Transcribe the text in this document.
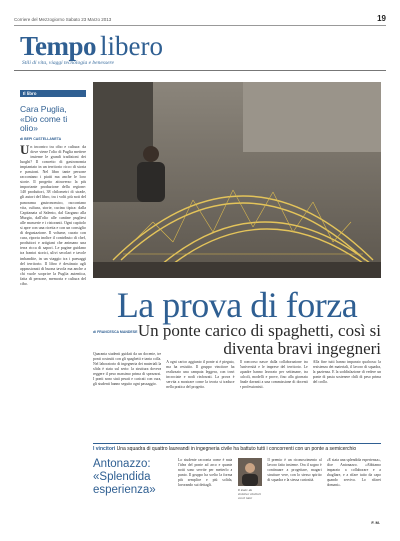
Corriere del Mezzogiorno Sabato 23 Marzo 2013	19
Tempo libero
Stili di vita, viaggi tecnologia e benessere
Il libro
Cara Puglia, «Dio come ti olio»
di BEPI CASTELLANETA
Un incontro tra cibo e cultura: da dove viene l'olio di Puglia mettere insieme le grandi tradizioni dei luoghi? Il concetto di gastronomia impiantato in un territorio ricco di storia e passioni. Nel libro tante persone raccontano i piatti ma anche le loro storie. Il progetto attraverso la più importante produzione della regione: 140 produttori, 38 chilometri di strade, gli autori del libro, tra i volti più noti del panorama gastronomico, raccontano vita, cultura, storie, cucina tipica: dalla Capitanata al Salento, dal Gargano alla Murgia, dall'olio alle cantine pugliesi alle masserie e i ristoranti. Ogni capitolo si apre con una ricetta e con un consiglio di degustazione. Il volume, curato con cura, riporta inoltre il contributo di chef, produttori e artigiani che animano una terra ricca di sapori. Le pagine guidano tra frantoi storici, ulivi secolari e tavole imbandite, in un viaggio tra i paesaggi del territorio. Il libro è destinato agli appassionati di buona tavola ma anche a chi vuole scoprire la Puglia autentica, fatta di persone, memoria e cultura del cibo.
La prova di forza
di FRANCESCA MANDESE Un ponte carico di spaghetti, così si diventa bravi ingegneri
Quaranta studenti guidati da un docente, tre ponti costruiti con gli spaghetti e tanta colla. Nel laboratorio di ingegneria dei materiali la sfida è stata sul serio: la struttura doveva reggere il peso massimo prima di spezzarsi. I ponti sono stati pesati e caricati con cura, gli studenti hanno seguito ogni passaggio.
A ogni carico aggiunto il ponte si è piegato, ma ha resistito. Il gruppo vincitore ha realizzato una campata leggera, con travi incrociate e nodi rinforzati. La prova è servita a mostrare come la teoria si traduce nella pratica del progetto.
Il concorso nasce dalla collaborazione tra l'università e le imprese del territorio. Le squadre hanno lavorato per settimane, tra calcoli, modelli e prove, fino alla giornata finale davanti a una commissione di docenti e professionisti.
Alla fine tutti hanno imparato qualcosa: la resistenza dei materiali, il lavoro di squadra, la pazienza. E la soddisfazione di vedere un ponte di pasta sostenere chili di peso prima del crollo.
I vincitori Una squadra di quattro laureandi in ingegneria civile ha battuto tutti i concorrenti con un ponte a semicerchio
Antonazzo: «Splendida esperienza»
Lo studente racconta come è nata l'idea del ponte ad arco e quante notti sono servite per metterlo a punto. Il gruppo ha scelto la forma più semplice e più solida, lavorando sui dettagli.
Il premio è un riconoscimento al lavoro fatto insieme. Ora il sogno è continuare a progettare, magari strutture vere, con lo stesso spirito di squadra e la stessa curiosità.
«È stata una splendida esperienza», dice Antonazzo. «Abbiamo imparato a collaborare e a sbagliare, e a rifare tutto da capo quando serviva. Lo rifarei domani».
Il team: da sinistra i vincitori con il tutor
F. M.
